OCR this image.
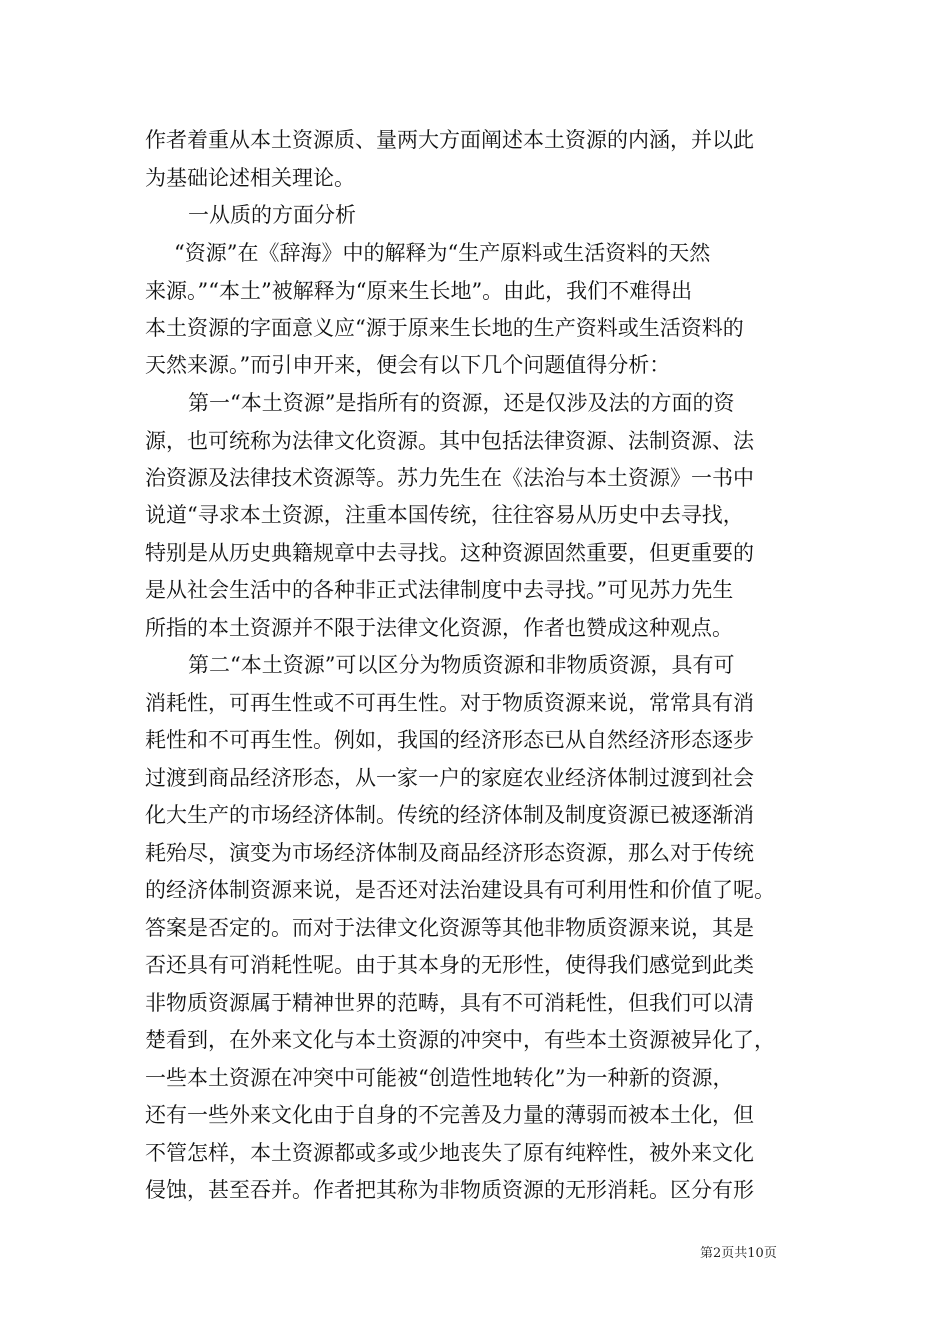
作者着重从本土资源质、量两大方面阐述本土资源的内涵，并以此
为基础论述相关理论。
一从质的方面分析
“资源”在《辞海》中的解释为“生产原料或生活资料的天然
来源。”“本土”被解释为“原来生长地”。由此，我们不难得出
本土资源的字面意义应“源于原来生长地的生产资料或生活资料的
天然来源。”而引申开来，便会有以下几个问题值得分析：
第一“本土资源”是指所有的资源，还是仅涉及法的方面的资
源，也可统称为法律文化资源。其中包括法律资源、法制资源、法
治资源及法律技术资源等。苏力先生在《法治与本土资源》一书中
说道“寻求本土资源，注重本国传统，往往容易从历史中去寻找，
特别是从历史典籍规章中去寻找。这种资源固然重要，但更重要的
是从社会生活中的各种非正式法律制度中去寻找。”可见苏力先生
所指的本土资源并不限于法律文化资源，作者也赞成这种观点。
第二“本土资源”可以区分为物质资源和非物质资源，具有可
消耗性，可再生性或不可再生性。对于物质资源来说，常常具有消
耗性和不可再生性。例如，我国的经济形态已从自然经济形态逐步
过渡到商品经济形态，从一家一户的家庭农业经济体制过渡到社会
化大生产的市场经济体制。传统的经济体制及制度资源已被逐渐消
耗殆尽，演变为市场经济体制及商品经济形态资源，那么对于传统
的经济体制资源来说，是否还对法治建设具有可利用性和价值了呢。
答案是否定的。而对于法律文化资源等其他非物质资源来说，其是
否还具有可消耗性呢。由于其本身的无形性，使得我们感觉到此类
非物质资源属于精神世界的范畴，具有不可消耗性，但我们可以清
楚看到，在外来文化与本土资源的冲突中，有些本土资源被异化了，
一些本土资源在冲突中可能被“创造性地转化”为一种新的资源，
还有一些外来文化由于自身的不完善及力量的薄弱而被本土化，但
不管怎样，本土资源都或多或少地丧失了原有纯粹性，被外来文化
侵蚀，甚至吞并。作者把其称为非物质资源的无形消耗。区分有形
第2页共10页
